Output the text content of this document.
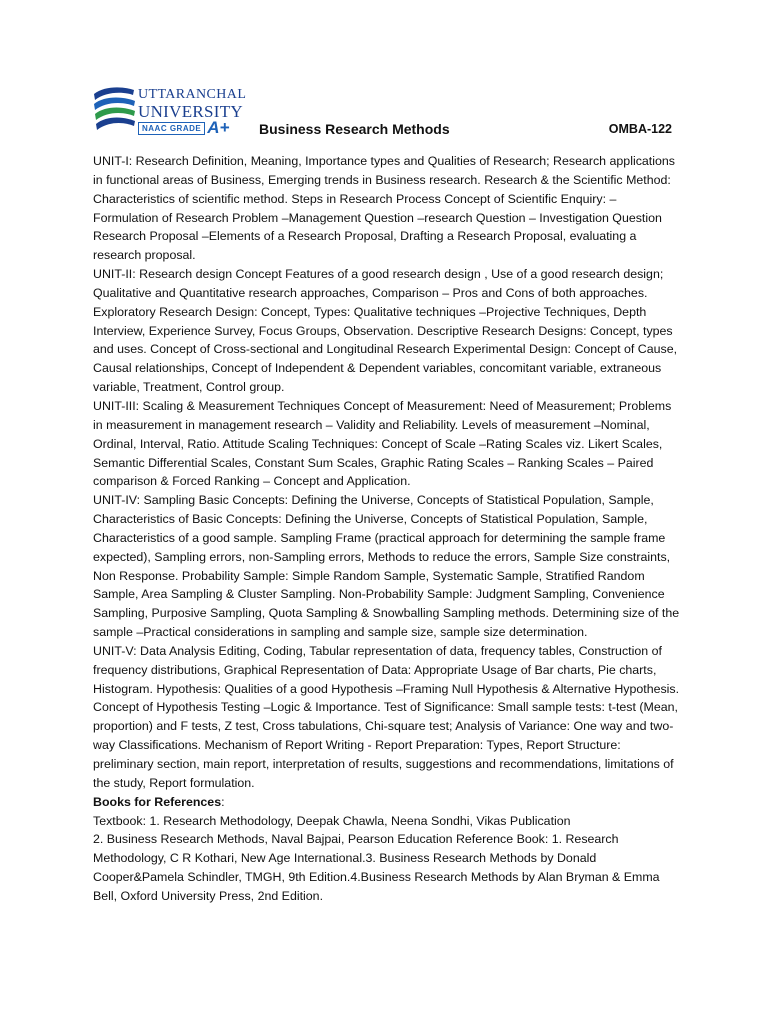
UTTARANCHAL
UNIVERSITY
NAAC GRADE A+ Business Research Methods	OMBA-122

UNIT-I: Research Definition, Meaning, Importance types and Qualities of Research; Research applications in functional areas of Business, Emerging trends in Business research. Research & the Scientific Method: Characteristics of scientific method. Steps in Research Process Concept of Scientific Enquiry: – Formulation of Research Problem –Management Question –research Question – Investigation Question Research Proposal –Elements of a Research Proposal, Drafting a Research Proposal, evaluating a research proposal.

UNIT-II: Research design Concept Features of a good research design , Use of a good research design; Qualitative and Quantitative research approaches, Comparison – Pros and Cons of both approaches. Exploratory Research Design: Concept, Types: Qualitative techniques –Projective Techniques, Depth Interview, Experience Survey, Focus Groups, Observation. Descriptive Research Designs: Concept, types and uses. Concept of Cross-sectional and Longitudinal Research Experimental Design: Concept of Cause, Causal relationships, Concept of Independent & Dependent variables, concomitant variable, extraneous variable, Treatment, Control group.

UNIT-III: Scaling & Measurement Techniques Concept of Measurement: Need of Measurement; Problems in measurement in management research – Validity and Reliability. Levels of measurement –Nominal, Ordinal, Interval, Ratio. Attitude Scaling Techniques: Concept of Scale –Rating Scales viz. Likert Scales, Semantic Differential Scales, Constant Sum Scales, Graphic Rating Scales – Ranking Scales – Paired comparison & Forced Ranking – Concept and Application.

UNIT-IV: Sampling Basic Concepts: Defining the Universe, Concepts of Statistical Population, Sample, Characteristics of Basic Concepts: Defining the Universe, Concepts of Statistical Population, Sample, Characteristics of a good sample. Sampling Frame (practical approach for determining the sample frame expected), Sampling errors, non-Sampling errors, Methods to reduce the errors, Sample Size constraints, Non Response. Probability Sample: Simple Random Sample, Systematic Sample, Stratified Random Sample, Area Sampling & Cluster Sampling. Non-Probability Sample: Judgment Sampling, Convenience Sampling, Purposive Sampling, Quota Sampling & Snowballing Sampling methods. Determining size of the sample –Practical considerations in sampling and sample size, sample size determination.

UNIT-V: Data Analysis Editing, Coding, Tabular representation of data, frequency tables, Construction of frequency distributions, Graphical Representation of Data: Appropriate Usage of Bar charts, Pie charts, Histogram. Hypothesis: Qualities of a good Hypothesis –Framing Null Hypothesis & Alternative Hypothesis. Concept of Hypothesis Testing –Logic & Importance. Test of Significance: Small sample tests: t-test (Mean, proportion) and F tests, Z test, Cross tabulations, Chi-square test; Analysis of Variance: One way and two-way Classifications. Mechanism of Report Writing - Report Preparation: Types, Report Structure: preliminary section, main report, interpretation of results, suggestions and recommendations, limitations of the study, Report formulation.

Books for References:

Textbook: 1. Research Methodology, Deepak Chawla, Neena Sondhi, Vikas Publication

2. Business Research Methods, Naval Bajpai, Pearson Education Reference Book: 1. Research Methodology, C R Kothari, New Age International.3. Business Research Methods by Donald Cooper&Pamela Schindler, TMGH, 9th Edition.4.Business Research Methods by Alan Bryman & Emma Bell, Oxford University Press, 2nd Edition.
